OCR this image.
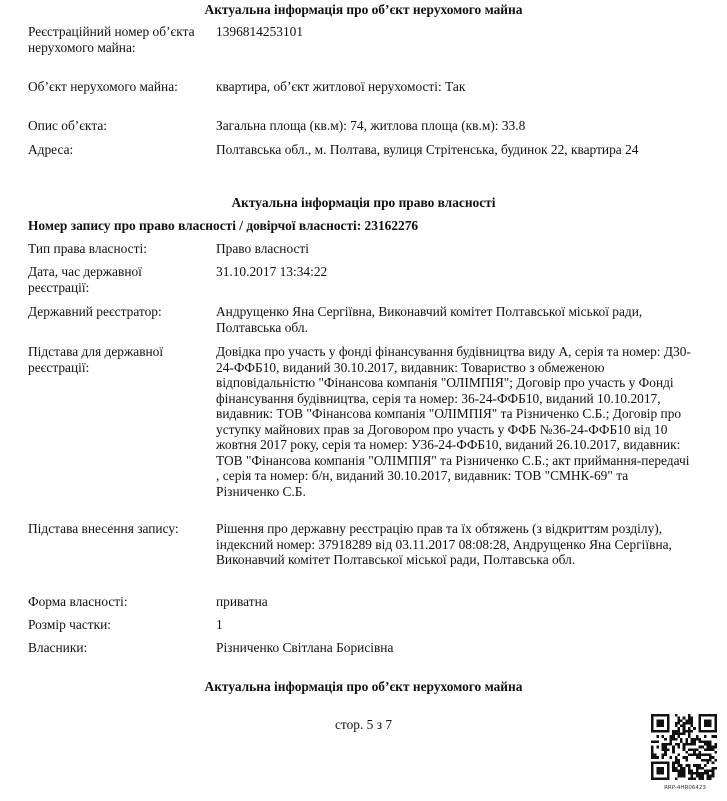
Актуальна інформація про об’єкт нерухомого майна
Реєстраційний номер об’єкта нерухомого майна:
1396814253101
Об’єкт нерухомого майна:	квартира, об’єкт житлової нерухомості: Так
Опис об’єкта:	Загальна площа (кв.м): 74, житлова площа (кв.м): 33.8
Адреса:	Полтавська обл., м. Полтава, вулиця Стрітенська, будинок 22, квартира 24
Актуальна інформація про право власності
Номер запису про право власності / довірчої власності: 23162276
Тип права власності:	Право власності
Дата, час державної реєстрації:
31.10.2017 13:34:22
Державний реєстратор:	Андрущенко Яна Сергіївна, Виконавчий комітет Полтавської міської ради, Полтавська обл.
Підстава для державної реєстрації:
Довідка про участь у фонді фінансування будівництва виду А, серія та номер: Д30-24-ФФБ10, виданий 30.10.2017, видавник: Товариство з обмеженою відповідальністю "Фінансова компанія "ОЛІМПІЯ"; Договір про участь у Фонді фінансування будівництва, серія та номер: 36-24-ФФБ10, виданий 10.10.2017, видавник: ТОВ "Фінансова компанія "ОЛІМПІЯ" та Різниченко С.Б.; Договір про уступку майнових прав за Договором про участь у ФФБ №36-24-ФФБ10 від 10 жовтня 2017 року, серія та номер: У36-24-ФФБ10, виданий 26.10.2017, видавник: ТОВ "Фінансова компанія "ОЛІМПІЯ" та Різниченко С.Б.; акт приймання-передачі , серія та номер: б/н, виданий 30.10.2017, видавник: ТОВ "СМНК-69" та Різниченко С.Б.
Підстава внесення запису:	Рішення про державну реєстрацію прав та їх обтяжень (з відкриттям розділу), індексний номер: 37918289 від 03.11.2017 08:08:28, Андрущенко Яна Сергіївна, Виконавчий комітет Полтавської міської ради, Полтавська обл.
Форма власності:	приватна
Розмір частки:	1
Власники:	Різниченко Світлана Борисівна
Актуальна інформація про об’єкт нерухомого майна
стор. 5 з 7
RRP-4HR06423
